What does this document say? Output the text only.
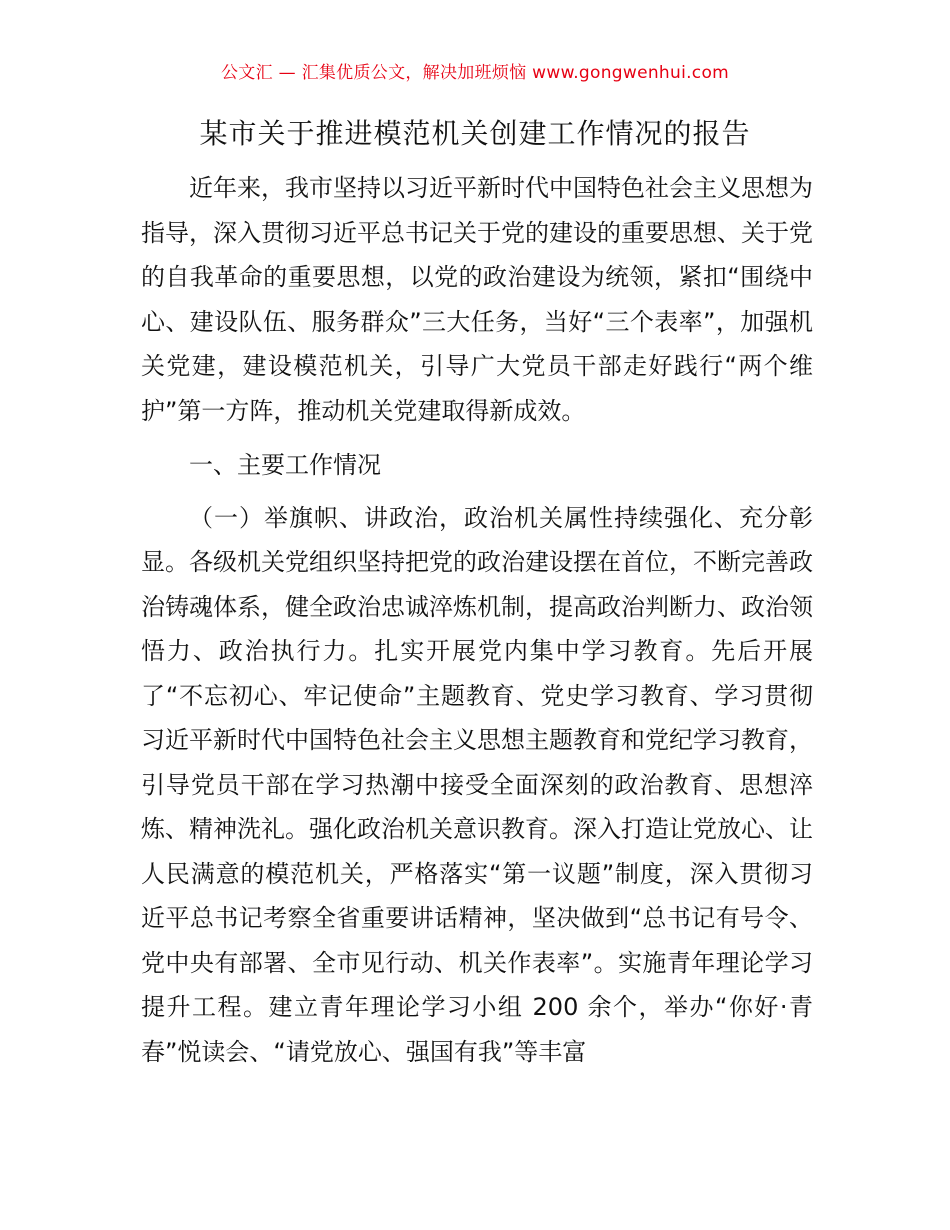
公文汇 — 汇集优质公文，解决加班烦恼 www.gongwenhui.com
某市关于推进模范机关创建工作情况的报告

近年来，我市坚持以习近平新时代中国特色社会主义思想为指导，深入贯彻习近平总书记关于党的建设的重要思想、关于党的自我革命的重要思想，以党的政治建设为统领，紧扣“围绕中心、建设队伍、服务群众”三大任务，当好“三个表率”，加强机关党建，建设模范机关，引导广大党员干部走好践行“两个维护”第一方阵，推动机关党建取得新成效。

一、主要工作情况

（一）举旗帜、讲政治，政治机关属性持续强化、充分彰显。各级机关党组织坚持把党的政治建设摆在首位，不断完善政治铸魂体系，健全政治忠诚淬炼机制，提高政治判断力、政治领悟力、政治执行力。扎实开展党内集中学习教育。先后开展了“不忘初心、牢记使命”主题教育、党史学习教育、学习贯彻习近平新时代中国特色社会主义思想主题教育和党纪学习教育，引导党员干部在学习热潮中接受全面深刻的政治教育、思想淬炼、精神洗礼。强化政治机关意识教育。深入打造让党放心、让人民满意的模范机关，严格落实“第一议题”制度，深入贯彻习近平总书记考察全省重要讲话精神，坚决做到“总书记有号令、党中央有部署、全市见行动、机关作表率”。实施青年理论学习提升工程。建立青年理论学习小组 200 余个，举办“你好·青春”悦读会、“请党放心、强国有我”等丰富
